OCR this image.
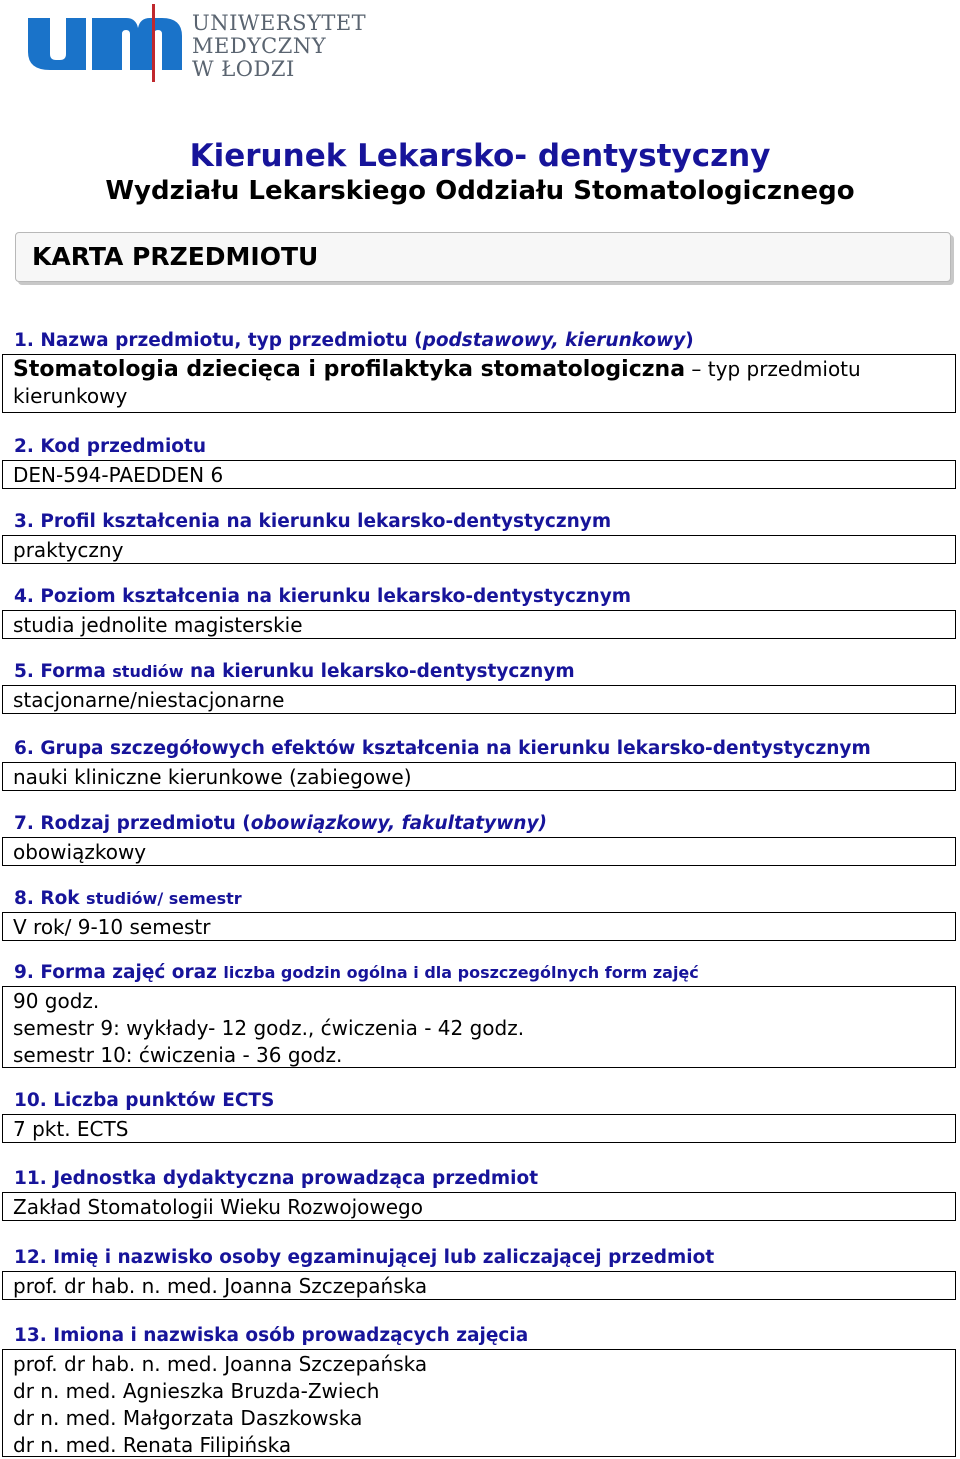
UNIWERSYTET
MEDYCZNY
W ŁODZI
Kierunek Lekarsko- dentystyczny
Wydziału Lekarskiego Oddziału Stomatologicznego
KARTA PRZEDMIOTU
1. Nazwa przedmiotu, typ przedmiotu (podstawowy, kierunkowy)
Stomatologia dziecięca i profilaktyka stomatologiczna – typ przedmiotu
kierunkowy
2. Kod przedmiotu
DEN-594-PAEDDEN 6
3. Profil kształcenia na kierunku lekarsko-dentystycznym
praktyczny
4. Poziom kształcenia na kierunku lekarsko-dentystycznym
studia jednolite magisterskie
5. Forma studiów na kierunku lekarsko-dentystycznym
stacjonarne/niestacjonarne
6. Grupa szczegółowych efektów kształcenia na kierunku lekarsko-dentystycznym
nauki kliniczne kierunkowe (zabiegowe)
7. Rodzaj przedmiotu (obowiązkowy, fakultatywny)
obowiązkowy
8. Rok studiów/ semestr
V rok/ 9-10 semestr
9. Forma zajęć oraz liczba godzin ogólna i dla poszczególnych form zajęć
90 godz.
semestr 9: wykłady- 12 godz., ćwiczenia - 42 godz.
semestr 10: ćwiczenia - 36 godz.
10. Liczba punktów ECTS
7 pkt. ECTS
11. Jednostka dydaktyczna prowadząca przedmiot
Zakład Stomatologii Wieku Rozwojowego
12. Imię i nazwisko osoby egzaminującej lub zaliczającej przedmiot
prof. dr hab. n. med. Joanna Szczepańska
13. Imiona i nazwiska osób prowadzących zajęcia
prof. dr hab. n. med. Joanna Szczepańska
dr n. med. Agnieszka Bruzda-Zwiech
dr n. med. Małgorzata Daszkowska
dr n. med. Renata Filipińska
